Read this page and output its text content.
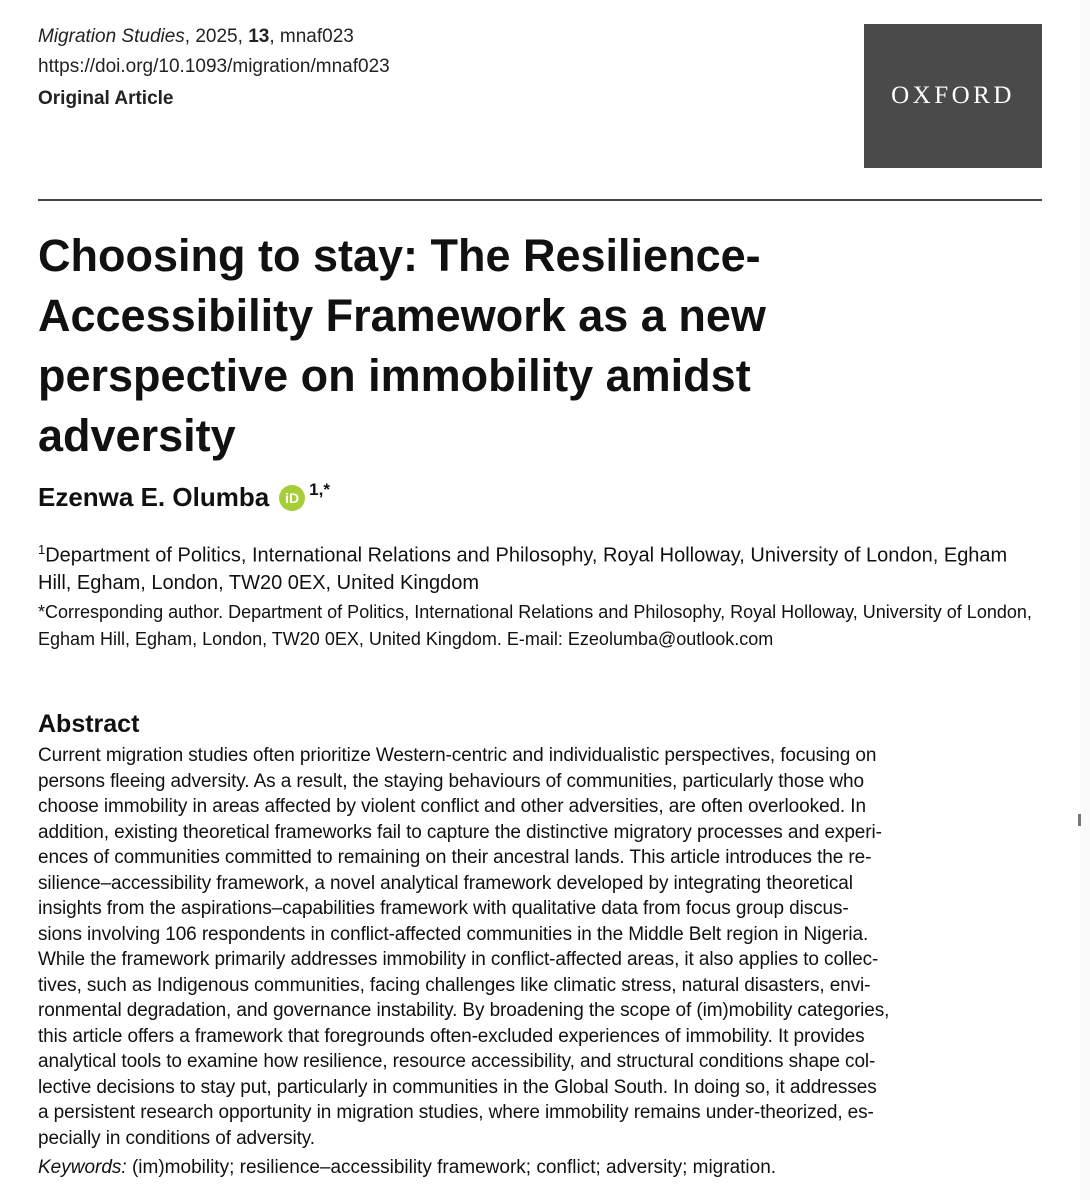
Migration Studies, 2025, 13, mnaf023
https://doi.org/10.1093/migration/mnaf023
Original Article	OXFORD
Choosing to stay: The Resilience-Accessibility Framework as a new perspective on immobility amidst adversity
Ezenwa E. Olumba	iD $^{1,*}$
$^1$Department of Politics, International Relations and Philosophy, Royal Holloway, University of London, Egham Hill, Egham, London, TW20 0EX, United Kingdom
*Corresponding author. Department of Politics, International Relations and Philosophy, Royal Holloway, University of London, Egham Hill, Egham, London, TW20 0EX, United Kingdom. E-mail: Ezeolumba@outlook.com
Abstract

Current migration studies often prioritize Western-centric and individualistic perspectives, focusing on
persons fleeing adversity. As a result, the staying behaviours of communities, particularly those who
choose immobility in areas affected by violent conflict and other adversities, are often overlooked. In
addition, existing theoretical frameworks fail to capture the distinctive migratory processes and experi-
ences of communities committed to remaining on their ancestral lands. This article introduces the re-
silience–accessibility framework, a novel analytical framework developed by integrating theoretical
insights from the aspirations–capabilities framework with qualitative data from focus group discus-
sions involving 106 respondents in conflict-affected communities in the Middle Belt region in Nigeria.
While the framework primarily addresses immobility in conflict-affected areas, it also applies to collec-
tives, such as Indigenous communities, facing challenges like climatic stress, natural disasters, envi-
ronmental degradation, and governance instability. By broadening the scope of (im)mobility categories,
this article offers a framework that foregrounds often-excluded experiences of immobility. It provides
analytical tools to examine how resilience, resource accessibility, and structural conditions shape col-
lective decisions to stay put, particularly in communities in the Global South. In doing so, it addresses
a persistent research opportunity in migration studies, where immobility remains under-theorized, es-
pecially in conditions of adversity.

Keywords: (im)mobility; resilience–accessibility framework; conflict; adversity; migration.
